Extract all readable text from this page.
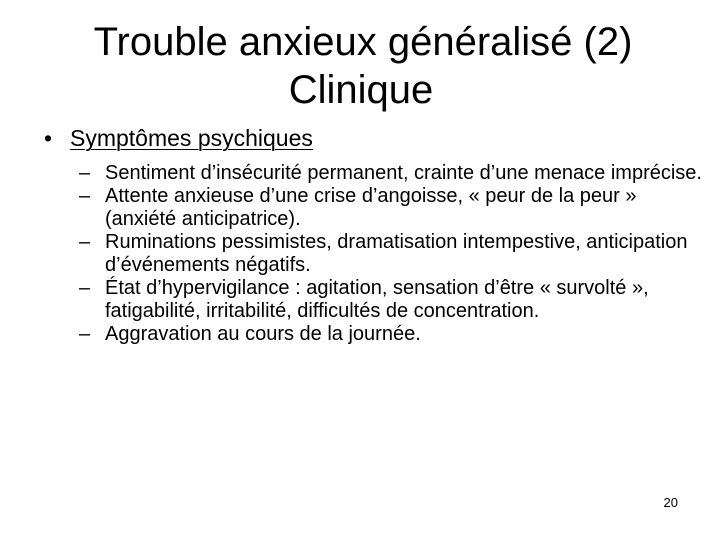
Trouble anxieux généralisé (2)
Clinique
• Symptômes psychiques
– Sentiment d’insécurité permanent, crainte d’une menace imprécise.
– Attente anxieuse d’une crise d’angoisse, « peur de la peur » (anxiété anticipatrice).
– Ruminations pessimistes, dramatisation intempestive, anticipation d’événements négatifs.
– État d’hypervigilance : agitation, sensation d’être « survolté », fatigabilité, irritabilité, difficultés de concentration.
– Aggravation au cours de la journée.
20
